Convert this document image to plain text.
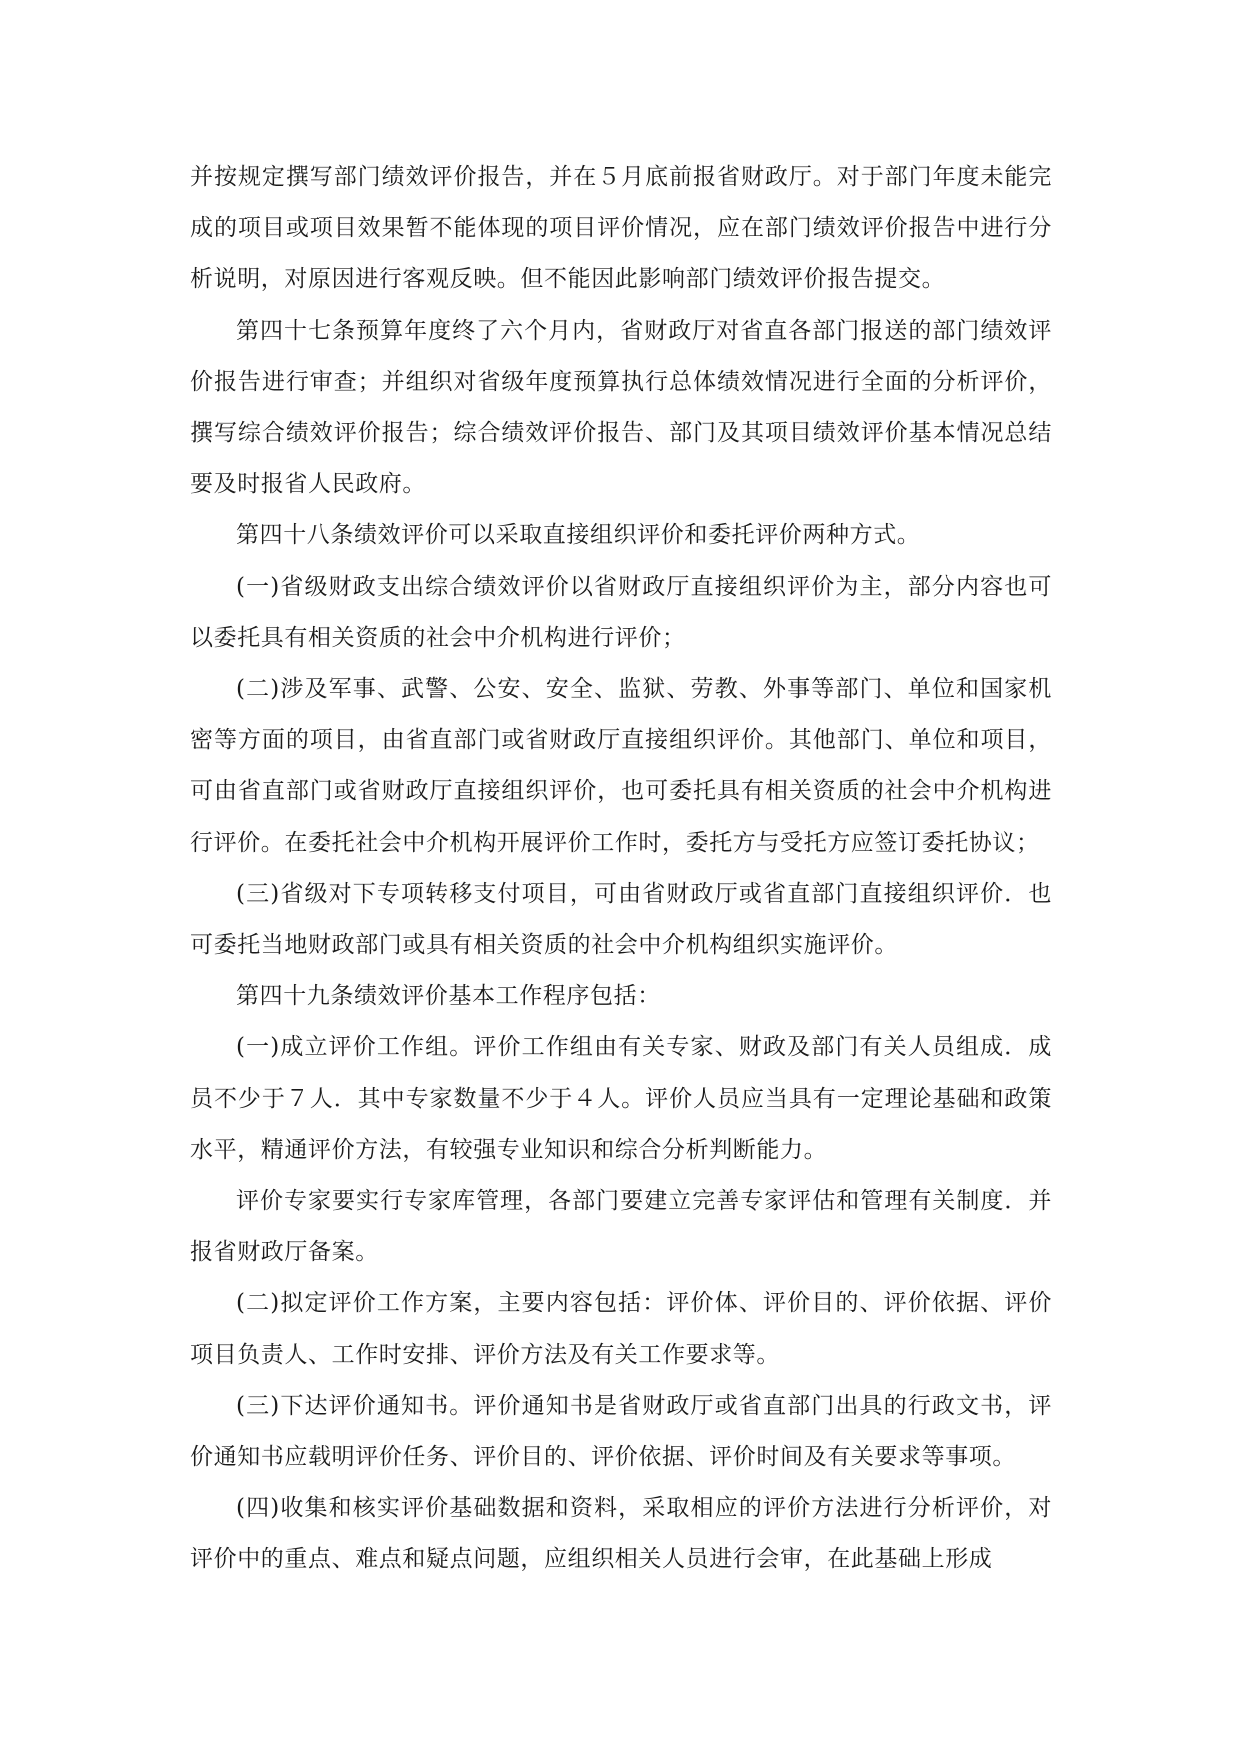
并按规定撰写部门绩效评价报告，并在５月底前报省财政厅。对于部门年度未能完成的项目或项目效果暂不能体现的项目评价情况，应在部门绩效评价报告中进行分析说明，对原因进行客观反映。但不能因此影响部门绩效评价报告提交。

第四十七条预算年度终了六个月内，省财政厅对省直各部门报送的部门绩效评价报告进行审查；并组织对省级年度预算执行总体绩效情况进行全面的分析评价，撰写综合绩效评价报告；综合绩效评价报告、部门及其项目绩效评价基本情况总结要及时报省人民政府。

第四十八条绩效评价可以采取直接组织评价和委托评价两种方式。

(一)省级财政支出综合绩效评价以省财政厅直接组织评价为主，部分内容也可以委托具有相关资质的社会中介机构进行评价；

(二)涉及军事、武警、公安、安全、监狱、劳教、外事等部门、单位和国家机密等方面的项目，由省直部门或省财政厅直接组织评价。其他部门、单位和项目，可由省直部门或省财政厅直接组织评价，也可委托具有相关资质的社会中介机构进行评价。在委托社会中介机构开展评价工作时，委托方与受托方应签订委托协议；

(三)省级对下专项转移支付项目，可由省财政厅或省直部门直接组织评价．也可委托当地财政部门或具有相关资质的社会中介机构组织实施评价。

第四十九条绩效评价基本工作程序包括：

(一)成立评价工作组。评价工作组由有关专家、财政及部门有关人员组成．成员不少于７人．其中专家数量不少于４人。评价人员应当具有一定理论基础和政策水平，精通评价方法，有较强专业知识和综合分析判断能力。

评价专家要实行专家库管理，各部门要建立完善专家评估和管理有关制度．并报省财政厅备案。

(二)拟定评价工作方案，主要内容包括：评价体、评价目的、评价依据、评价项目负责人、工作时安排、评价方法及有关工作要求等。

(三)下达评价通知书。评价通知书是省财政厅或省直部门出具的行政文书，评价通知书应载明评价任务、评价目的、评价依据、评价时间及有关要求等事项。

(四)收集和核实评价基础数据和资料，采取相应的评价方法进行分析评价，对评价中的重点、难点和疑点问题，应组织相关人员进行会审，在此基础上形成
